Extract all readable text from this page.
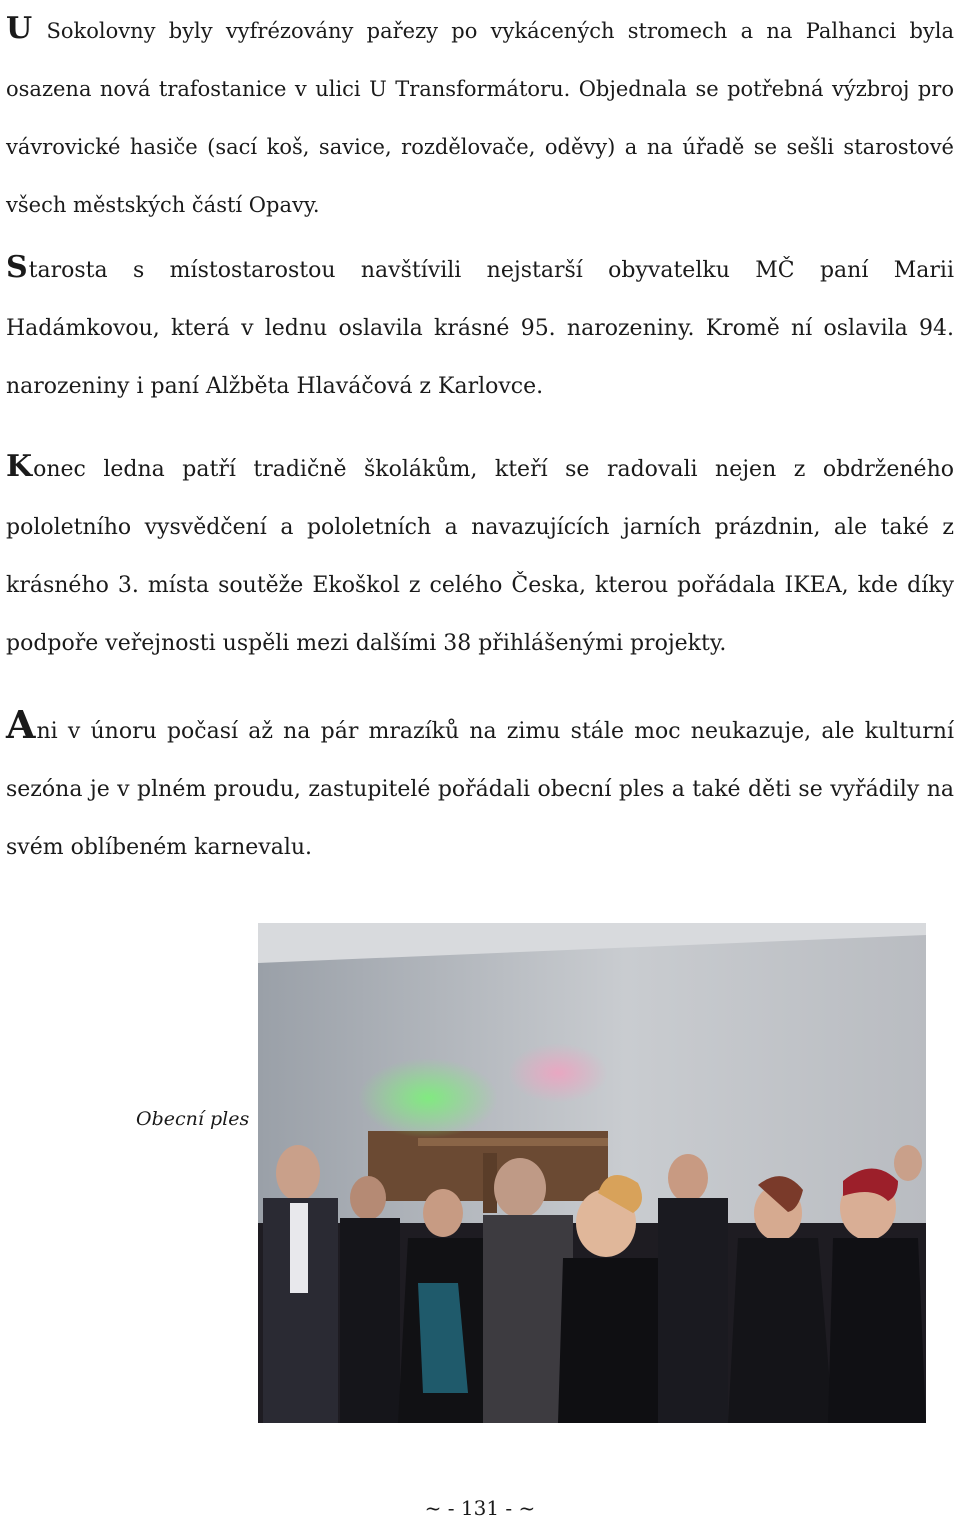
U Sokolovny byly vyfrézovány pařezy po vykácených stromech a na Palhanci byla osazena nová trafostanice v ulici U Transformátoru. Objednala se potřebná výzbroj pro vávrovické hasiče (sací koš, savice, rozdělovače, oděvy) a na úřadě se sešli starostové všech městských částí Opavy.

Starosta s místostarostou navštívili nejstarší obyvatelku MČ paní Marii Hadámkovou, která v lednu oslavila krásné 95. narozeniny. Kromě ní oslavila 94. narozeniny i paní Alžběta Hlaváčová z Karlovce.

Konec ledna patří tradičně školákům, kteří se radovali nejen z obdrženého pololetního vysvědčení a pololetních a navazujících jarních prázdnin, ale také z krásného 3. místa soutěže Ekoškol z celého Česka, kterou pořádala IKEA, kde díky podpoře veřejnosti uspěli mezi dalšími 38 přihlášenými projekty.

Ani v únoru počasí až na pár mrazíků na zimu stále moc neukazuje, ale kulturní sezóna je v plném proudu, zastupitelé pořádali obecní ples a také děti se vyřádily na svém oblíbeném karnevalu.

Obecní ples
~ - 131 - ~
